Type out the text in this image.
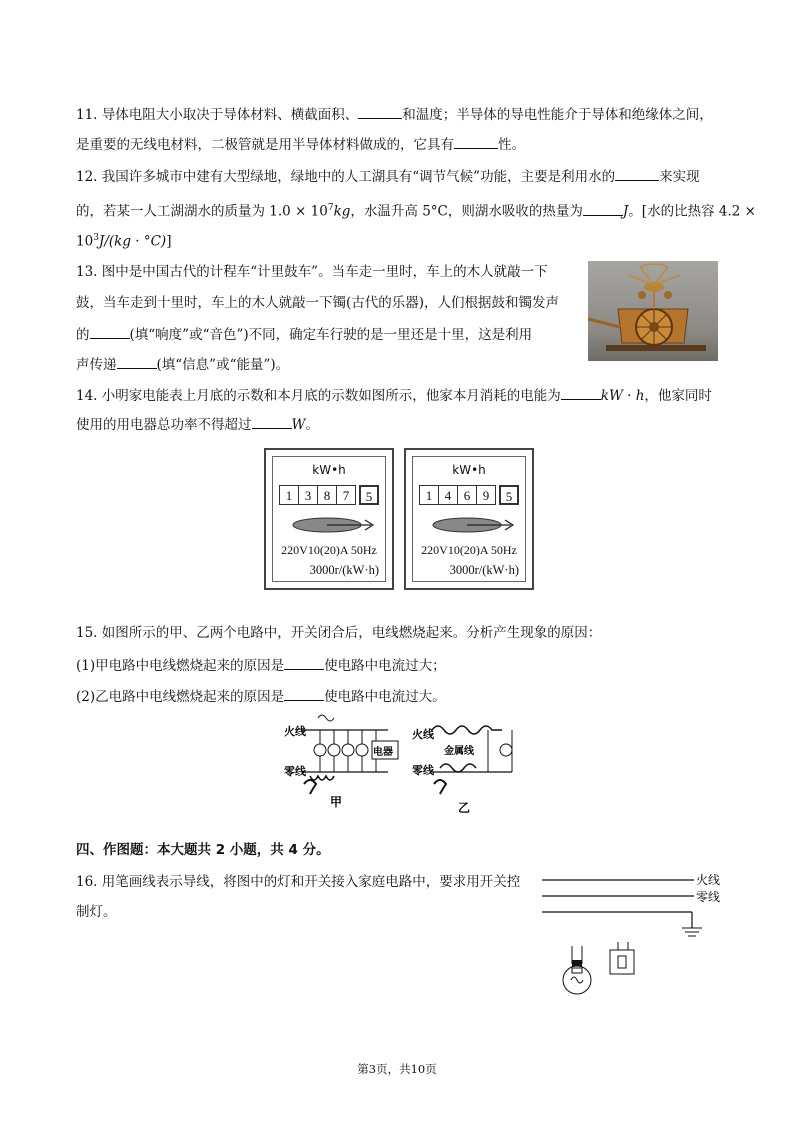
11. 导体电阻大小取决于导体材料、横截面积、	和温度；半导体的导电性能介于导体和绝缘体之间，
是重要的无线电材料，二极管就是用半导体材料做成的，它具有	性。
12. 我国许多城市中建有大型绿地，绿地中的人工湖具有“调节气候”功能，主要是利用水的	来实现
的，若某一人工湖湖水的质量为 $1.0 \times 10^7kg$，水温升高 5°C，则湖水吸收的热量为	J。[水的比热容 4.2 ×
$10^3J/(kg \cdot ^\circ C)$]
13. 图中是中国古代的计程车“计里鼓车”。当车走一里时，车上的木人就敲一下
鼓，当车走到十里时，车上的木人就敲一下镯(古代的乐器)，人们根据鼓和镯发声
的	(填“响度”或“音色”)不同，确定车行驶的是一里还是十里，这是利用
声传递	(填“信息”或“能量”)。
14. 小明家电能表上月底的示数和本月底的示数如图所示，他家本月消耗的电能为	kW · h，他家同时
使用的用电器总功率不得超过	W。
kW•h
1 3 8 7	5
220V10(20)A 50Hz
3000r/(kW·h)
kW•h
1 4 6 9	5
220V10(20)A 50Hz
3000r/(kW·h)
15. 如图所示的甲、乙两个电路中，开关闭合后，电线燃烧起来。分析产生现象的原因：
(1)甲电路中电线燃烧起来的原因是	使电路中电流过大；
(2)乙电路中电线燃烧起来的原因是	使电路中电流过大。
火线
零线
电器
甲
火线
金属线
零线
乙
四、作图题：本大题共 2 小题，共 4 分。
16. 用笔画线表示导线，将图中的灯和开关接入家庭电路中，要求用开关控
制灯。
火线
零线
第3页，共10页
